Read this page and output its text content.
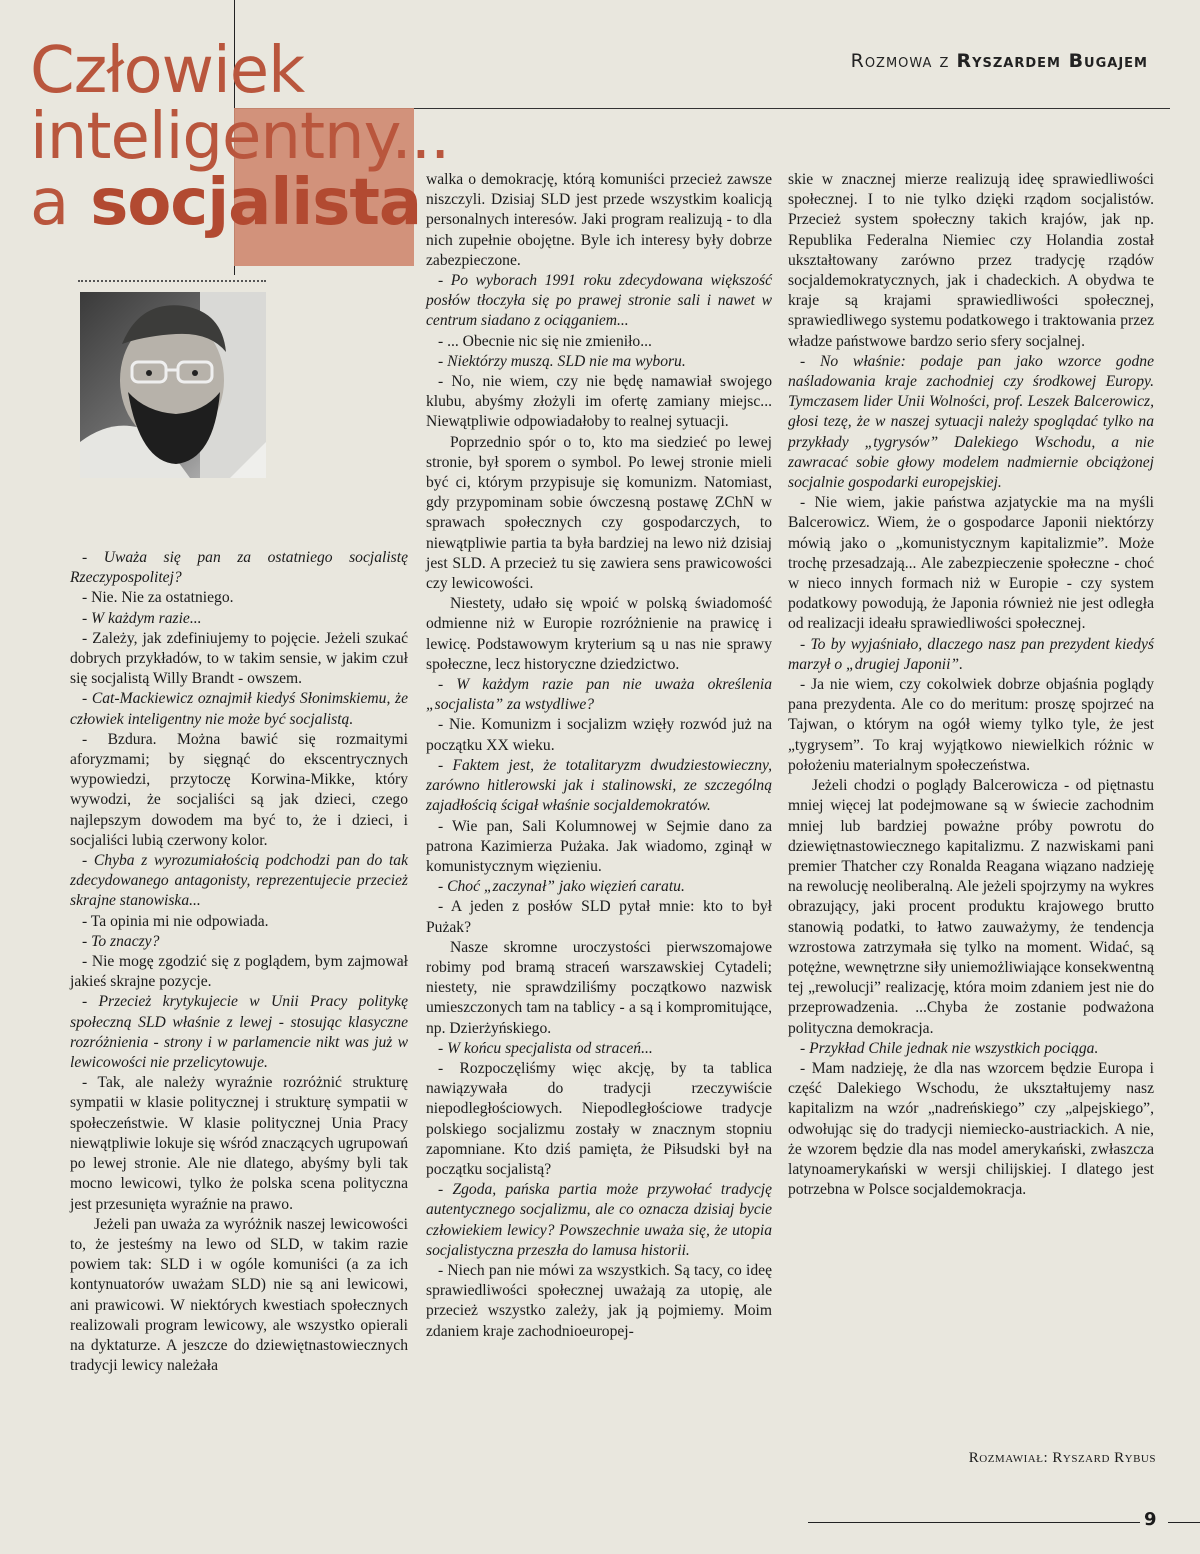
Rozmowa z Ryszardem Bugajem
Człowiek
inteligentny...
a socjalista

- Uważa się pan za ostatniego socjalistę Rzeczypospolitej?

- Nie. Nie za ostatniego.

- W każdym razie...

- Zależy, jak zdefiniujemy to pojęcie. Jeżeli szukać dobrych przykładów, to w takim sensie, w jakim czuł się socjalistą Willy Brandt - owszem.

- Cat-Mackiewicz oznajmił kiedyś Słonimskiemu, że człowiek inteligentny nie może być socjalistą.

- Bzdura. Można bawić się rozmaitymi aforyzmami; by sięgnąć do ekscentrycznych wypowiedzi, przytoczę Korwina-Mikke, który wywodzi, że socjaliści są jak dzieci, czego najlepszym dowodem ma być to, że i dzieci, i socjaliści lubią czerwony kolor.

- Chyba z wyrozumiałością podchodzi pan do tak zdecydowanego antagonisty, reprezentujecie przecież skrajne stanowiska...

- Ta opinia mi nie odpowiada.

- To znaczy?

- Nie mogę zgodzić się z poglądem, bym zajmował jakieś skrajne pozycje.

- Przecież krytykujecie w Unii Pracy politykę społeczną SLD właśnie z lewej - stosując klasyczne rozróżnienia - strony i w parlamencie nikt was już w lewicowości nie przelicytowuje.

- Tak, ale należy wyraźnie rozróżnić strukturę sympatii w klasie politycznej i strukturę sympatii w społeczeństwie. W klasie politycznej Unia Pracy niewątpliwie lokuje się wśród znaczących ugrupowań po lewej stronie. Ale nie dlatego, abyśmy byli tak mocno lewicowi, tylko że polska scena polityczna jest przesunięta wyraźnie na prawo.

Jeżeli pan uważa za wyróżnik naszej lewicowości to, że jesteśmy na lewo od SLD, w takim razie powiem tak: SLD i w ogóle komuniści (a za ich kontynuatorów uważam SLD) nie są ani lewicowi, ani prawicowi. W niektórych kwestiach społecznych realizowali program lewicowy, ale wszystko opierali na dyktaturze. A jeszcze do dziewiętnastowiecznych tradycji lewicy należała

walka o demokrację, którą komuniści przecież zawsze niszczyli. Dzisiaj SLD jest przede wszystkim koalicją personalnych interesów. Jaki program realizują - to dla nich zupełnie obojętne. Byle ich interesy były dobrze zabezpieczone.

- Po wyborach 1991 roku zdecydowana większość posłów tłoczyła się po prawej stronie sali i nawet w centrum siadano z ociąganiem...

- ... Obecnie nic się nie zmieniło...

- Niektórzy muszą. SLD nie ma wyboru.

- No, nie wiem, czy nie będę namawiał swojego klubu, abyśmy złożyli im ofertę zamiany miejsc... Niewątpliwie odpowiadałoby to realnej sytuacji.

Poprzednio spór o to, kto ma siedzieć po lewej stronie, był sporem o symbol. Po lewej stronie mieli być ci, którym przypisuje się komunizm. Natomiast, gdy przypominam sobie ówczesną postawę ZChN w sprawach społecznych czy gospodarczych, to niewątpliwie partia ta była bardziej na lewo niż dzisiaj jest SLD. A przecież tu się zawiera sens prawicowości czy lewicowości.

Niestety, udało się wpoić w polską świadomość odmienne niż w Europie rozróżnienie na prawicę i lewicę. Podstawowym kryterium są u nas nie sprawy społeczne, lecz historyczne dziedzictwo.

- W każdym razie pan nie uważa określenia „socjalista” za wstydliwe?

- Nie. Komunizm i socjalizm wzięły rozwód już na początku XX wieku.

- Faktem jest, że totalitaryzm dwudziestowieczny, zarówno hitlerowski jak i stalinowski, ze szczególną zajadłością ścigał właśnie socjaldemokratów.

- Wie pan, Sali Kolumnowej w Sejmie dano za patrona Kazimierza Pużaka. Jak wiadomo, zginął w komunistycznym więzieniu.

- Choć „zaczynał” jako więzień caratu.

- A jeden z posłów SLD pytał mnie: kto to był Pużak?

Nasze skromne uroczystości pierwszomajowe robimy pod bramą straceń warszawskiej Cytadeli; niestety, nie sprawdziliśmy początkowo nazwisk umieszczonych tam na tablicy - a są i kompromitujące, np. Dzierżyńskiego.

- W końcu specjalista od straceń...

- Rozpoczęliśmy więc akcję, by ta tablica nawiązywała do tradycji rzeczywiście niepodległościowych. Niepodległościowe tradycje polskiego socjalizmu zostały w znacznym stopniu zapomniane. Kto dziś pamięta, że Piłsudski był na początku socjalistą?

- Zgoda, pańska partia może przywołać tradycję autentycznego socjalizmu, ale co oznacza dzisiaj bycie człowiekiem lewicy? Powszechnie uważa się, że utopia socjalistyczna przeszła do lamusa historii.

- Niech pan nie mówi za wszystkich. Są tacy, co ideę sprawiedliwości społecznej uważają za utopię, ale przecież wszystko zależy, jak ją pojmiemy. Moim zdaniem kraje zachodnioeuropej-

skie w znacznej mierze realizują ideę sprawiedliwości społecznej. I to nie tylko dzięki rządom socjalistów. Przecież system społeczny takich krajów, jak np. Republika Federalna Niemiec czy Holandia został ukształtowany zarówno przez tradycję rządów socjaldemokratycznych, jak i chadeckich. A obydwa te kraje są krajami sprawiedliwości społecznej, sprawiedliwego systemu podatkowego i traktowania przez władze państwowe bardzo serio sfery socjalnej.

- No właśnie: podaje pan jako wzorce godne naśladowania kraje zachodniej czy środkowej Europy. Tymczasem lider Unii Wolności, prof. Leszek Balcerowicz, głosi tezę, że w naszej sytuacji należy spoglądać tylko na przykłady „tygrysów” Dalekiego Wschodu, a nie zawracać sobie głowy modelem nadmiernie obciążonej socjalnie gospodarki europejskiej.

- Nie wiem, jakie państwa azjatyckie ma na myśli Balcerowicz. Wiem, że o gospodarce Japonii niektórzy mówią jako o „komunistycznym kapitalizmie”. Może trochę przesadzają... Ale zabezpieczenie społeczne - choć w nieco innych formach niż w Europie - czy system podatkowy powodują, że Japonia również nie jest odległa od realizacji ideału sprawiedliwości społecznej.

- To by wyjaśniało, dlaczego nasz pan prezydent kiedyś marzył o „drugiej Japonii”.

- Ja nie wiem, czy cokolwiek dobrze objaśnia poglądy pana prezydenta. Ale co do meritum: proszę spojrzeć na Tajwan, o którym na ogół wiemy tylko tyle, że jest „tygrysem”. To kraj wyjątkowo niewielkich różnic w położeniu materialnym społeczeństwa.

Jeżeli chodzi o poglądy Balcerowicza - od piętnastu mniej więcej lat podejmowane są w świecie zachodnim mniej lub bardziej poważne próby powrotu do dziewiętnastowiecznego kapitalizmu. Z nazwiskami pani premier Thatcher czy Ronalda Reagana wiązano nadzieję na rewolucję neoliberalną. Ale jeżeli spojrzymy na wykres obrazujący, jaki procent produktu krajowego brutto stanowią podatki, to łatwo zauważymy, że tendencja wzrostowa zatrzymała się tylko na moment. Widać, są potężne, wewnętrzne siły uniemożliwiające konsekwentną tej „rewolucji” realizację, która moim zdaniem jest nie do przeprowadzenia. ...Chyba że zostanie podważona polityczna demokracja.

- Przykład Chile jednak nie wszystkich pociąga.

- Mam nadzieję, że dla nas wzorcem będzie Europa i część Dalekiego Wschodu, że ukształtujemy nasz kapitalizm na wzór „nadreńskiego” czy „alpejskiego”, odwołując się do tradycji niemiecko-austriackich. A nie, że wzorem będzie dla nas model amerykański, zwłaszcza latynoamerykański w wersji chilijskiej. I dlatego jest potrzebna w Polsce socjaldemokracja.

Rozmawiał: Ryszard Rybus
9
